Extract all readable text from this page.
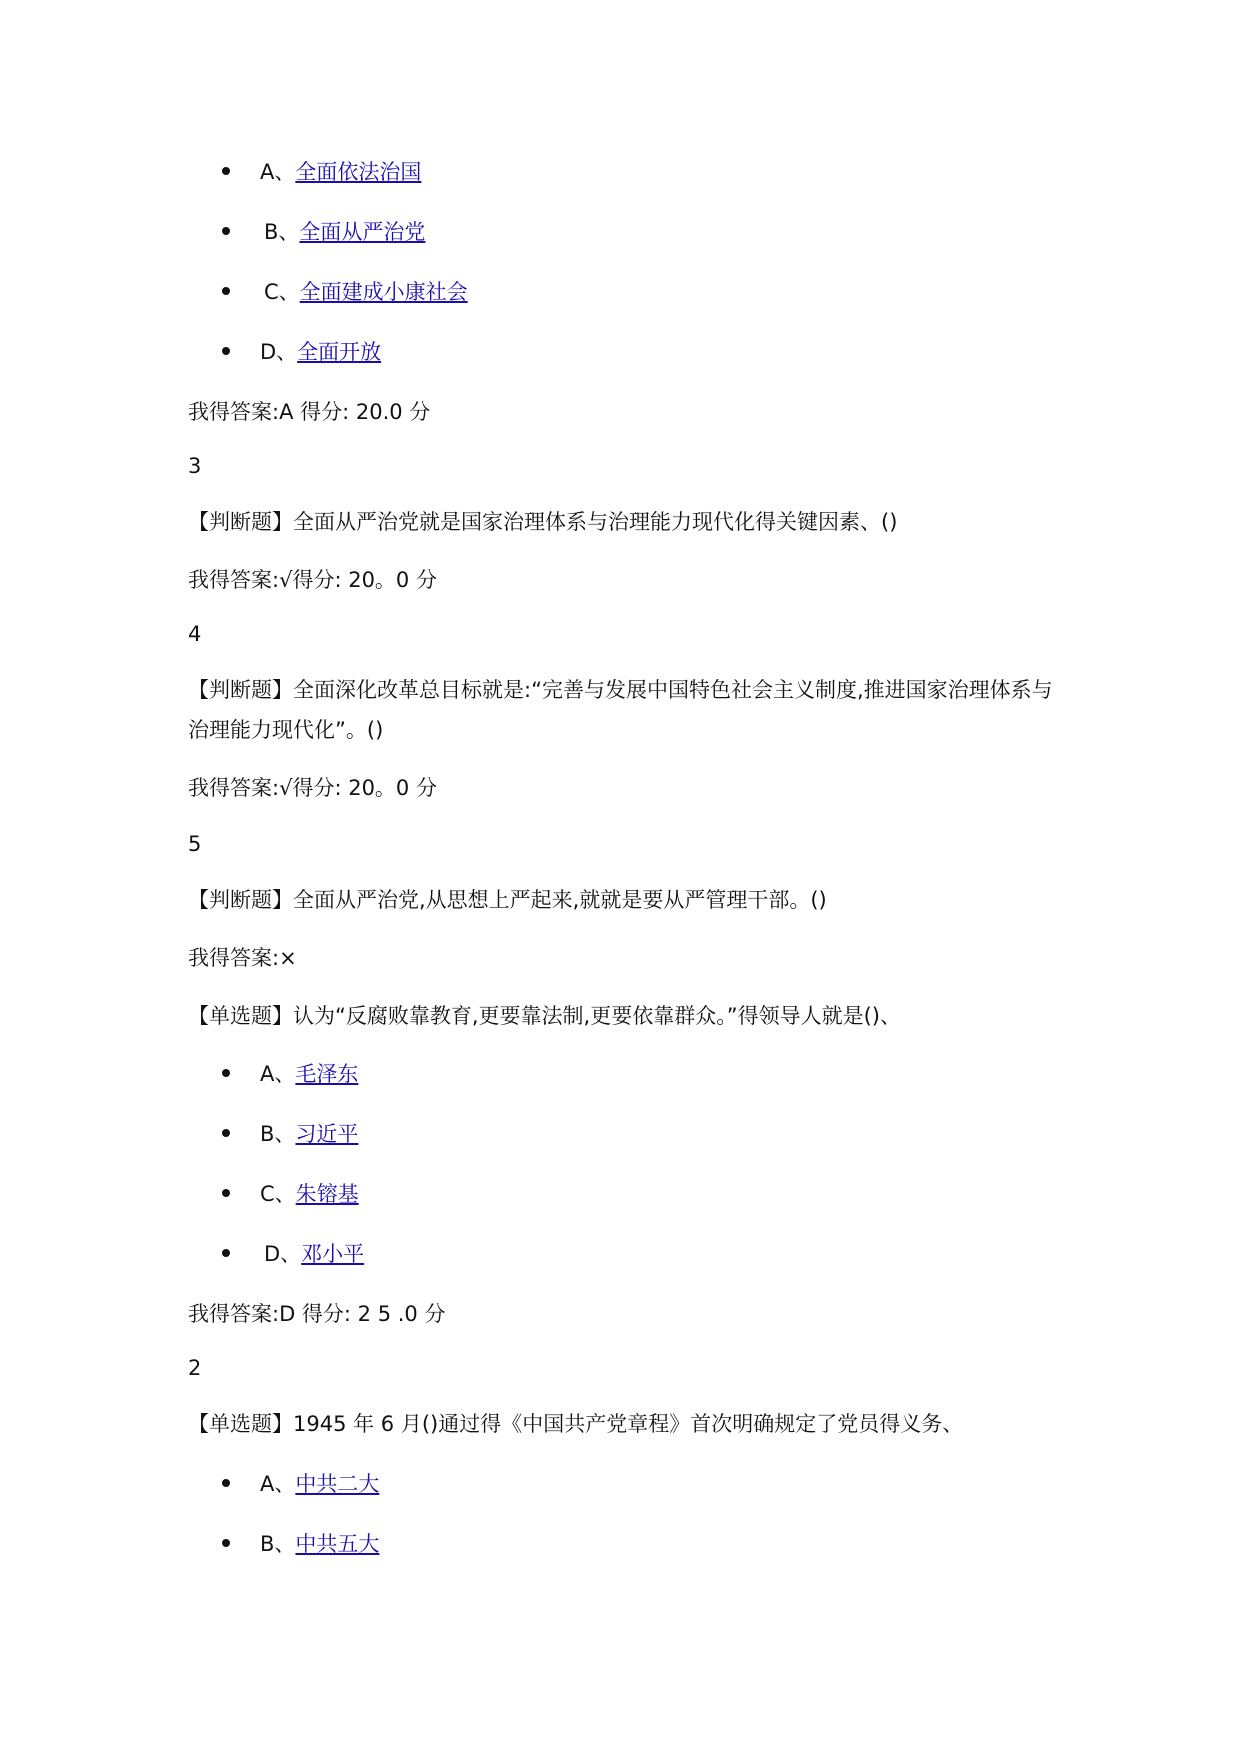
A、全面依法治国
B、全面从严治党
C、全面建成小康社会
D、全面开放
我得答案:A 得分: 20.0 分
3
【判断题】全面从严治党就是国家治理体系与治理能力现代化得关键因素、()
我得答案:√得分: 20。0 分
4
【判断题】全面深化改革总目标就是:“完善与发展中国特色社会主义制度,推进国家治理体系与治理能力现代化”。()
我得答案:√得分: 20。0 分
5
【判断题】全面从严治党,从思想上严起来,就就是要从严管理干部。()
我得答案:×
【单选题】认为“反腐败靠教育,更要靠法制,更要依靠群众。”得领导人就是()、
A、毛泽东
B、习近平
C、朱镕基
D、邓小平
我得答案:D 得分: 2 5 .0 分
2
【单选题】1945 年 6 月()通过得《中国共产党章程》首次明确规定了党员得义务、
A、中共二大
B、中共五大
